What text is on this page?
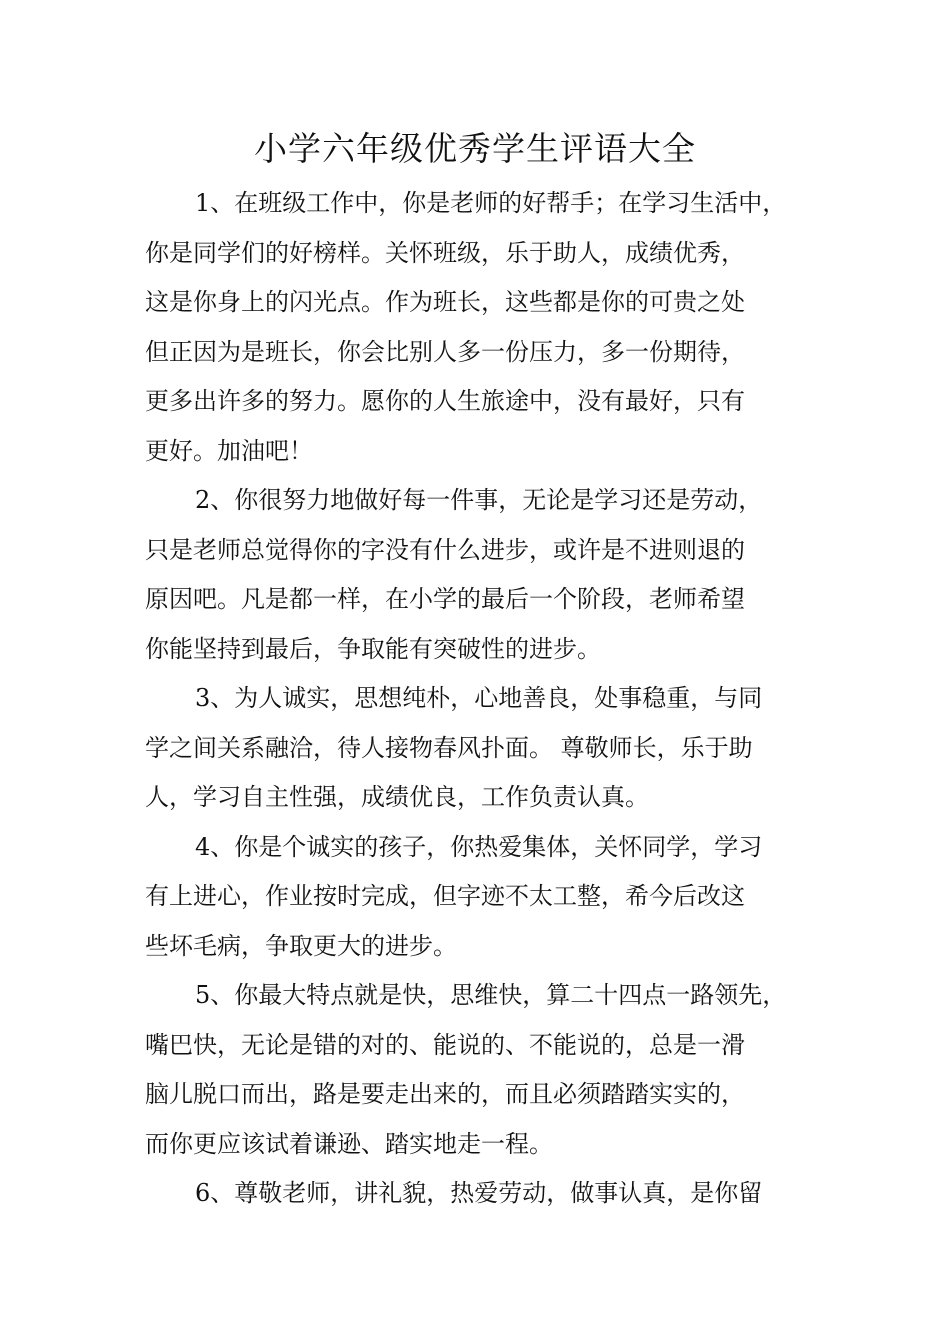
小学六年级优秀学生评语大全

1、在班级工作中，你是老师的好帮手；在学习生活中，

你是同学们的好榜样。关怀班级，乐于助人，成绩优秀，

这是你身上的闪光点。作为班长，这些都是你的可贵之处

但正因为是班长，你会比别人多一份压力，多一份期待，

更多出许多的努力。愿你的人生旅途中，没有最好，只有

更好。加油吧！

2、你很努力地做好每一件事，无论是学习还是劳动，

只是老师总觉得你的字没有什么进步，或许是不进则退的

原因吧。凡是都一样，在小学的最后一个阶段，老师希望

你能坚持到最后，争取能有突破性的进步。

3、为人诚实，思想纯朴，心地善良，处事稳重，与同

学之间关系融洽，待人接物春风扑面。 尊敬师长，乐于助

人，学习自主性强，成绩优良，工作负责认真。

4、你是个诚实的孩子，你热爱集体，关怀同学，学习

有上进心，作业按时完成，但字迹不太工整，希今后改这

些坏毛病，争取更大的进步。

5、你最大特点就是快，思维快，算二十四点一路领先，

嘴巴快，无论是错的对的、能说的、不能说的，总是一滑

脑儿脱口而出，路是要走出来的，而且必须踏踏实实的，

而你更应该试着谦逊、踏实地走一程。

6、尊敬老师，讲礼貌，热爱劳动，做事认真，是你留
